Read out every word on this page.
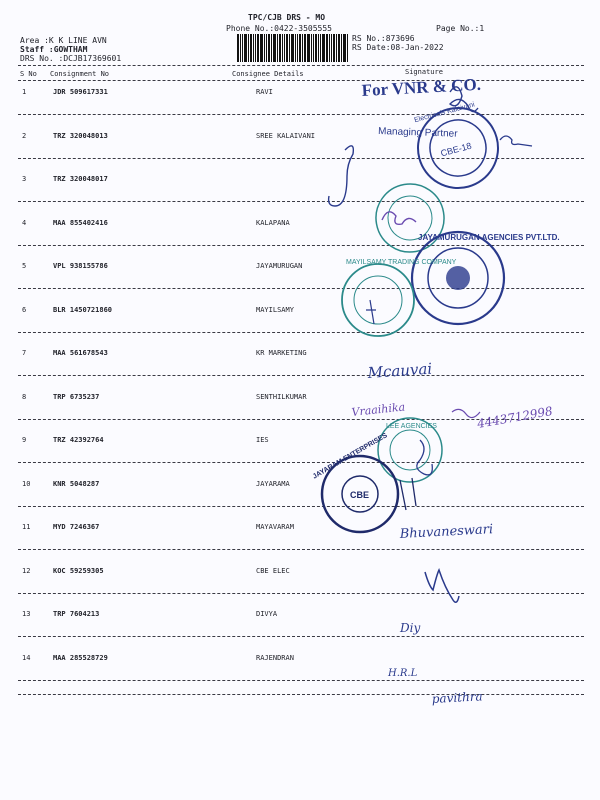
TPC/CJB DRS - MO
Phone No.:0422-3505555	Page No.:1
Area :K K LINE AVN
Staff :GOWTHAM
DRS No. :DCJB17369601
RS No.:873696
RS Date:08-Jan-2022
S No Consignment No	Consignee Details	Signature
1	JDR 509617331	RAVI
2	TRZ 320048013	SREE KALAIVANI
3	TRZ 320048017
4	MAA 855402416	KALAPANA
5	VPL 938155786	JAYAMURUGAN
6	BLR 1450721860	MAYILSAMY
7	MAA 561678543	KR MARKETING
8	TRP 6735237	SENTHILKUMAR
9	TRZ 42392764	IES
10	KNR 5048287	JAYARAMA
11	MYD 7246367	MAYAVARAM
12	KOC 59259305	CBE ELEC
13	TRP 7604213	DIVYA
14	MAA 285528729	RAJENDRAN
For VNR & CO.
Managing Partner
CBE-18
Electricals Kalaivani
JAYAMURUGAN AGENCIES PVT.LTD.
MAYILSAMY TRADING COMPANY
Mcauvai
Vraaihika	4443712998
LEE AGENCIES
CBE
JAYARAM ENTERPRISES
Bhuvaneswari
Diy
H.R.L
pavithra
